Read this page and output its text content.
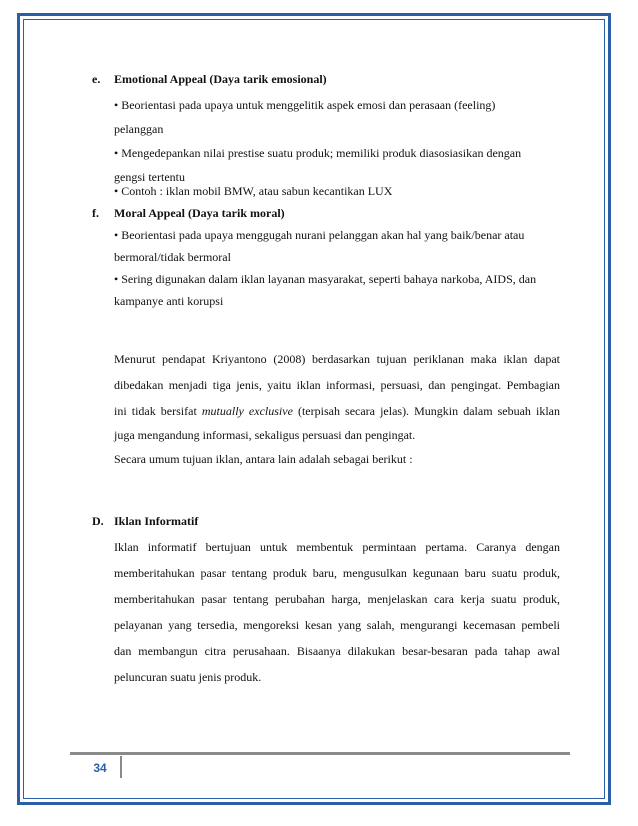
e. Emotional Appeal (Daya tarik emosional)
• Beorientasi pada upaya untuk menggelitik aspek emosi dan perasaan (feeling)
pelanggan
• Mengedepankan nilai prestise suatu produk; memiliki produk diasosiasikan dengan
gengsi tertentu
• Contoh : iklan mobil BMW, atau sabun kecantikan LUX
f. Moral Appeal (Daya tarik moral)
• Beorientasi pada upaya menggugah nurani pelanggan akan hal yang baik/benar atau
bermoral/tidak bermoral
• Sering digunakan dalam iklan layanan masyarakat, seperti bahaya narkoba, AIDS, dan
kampanye anti korupsi
Menurut pendapat Kriyantono (2008) berdasarkan tujuan periklanan maka iklan dapat
dibedakan menjadi tiga jenis, yaitu iklan informasi, persuasi, dan pengingat. Pembagian
ini tidak bersifat mutually exclusive (terpisah secara jelas). Mungkin dalam sebuah iklan
juga mengandung informasi, sekaligus persuasi dan pengingat.
Secara umum tujuan iklan, antara lain adalah sebagai berikut :
D. Iklan Informatif
Iklan informatif bertujuan untuk membentuk permintaan pertama. Caranya dengan
memberitahukan pasar tentang produk baru, mengusulkan kegunaan baru suatu produk,
memberitahukan pasar tentang perubahan harga, menjelaskan cara kerja suatu produk,
pelayanan yang tersedia, mengoreksi kesan yang salah, mengurangi kecemasan pembeli
dan membangun citra perusahaan. Bisaanya dilakukan besar-besaran pada tahap awal
peluncuran suatu jenis produk.
34
